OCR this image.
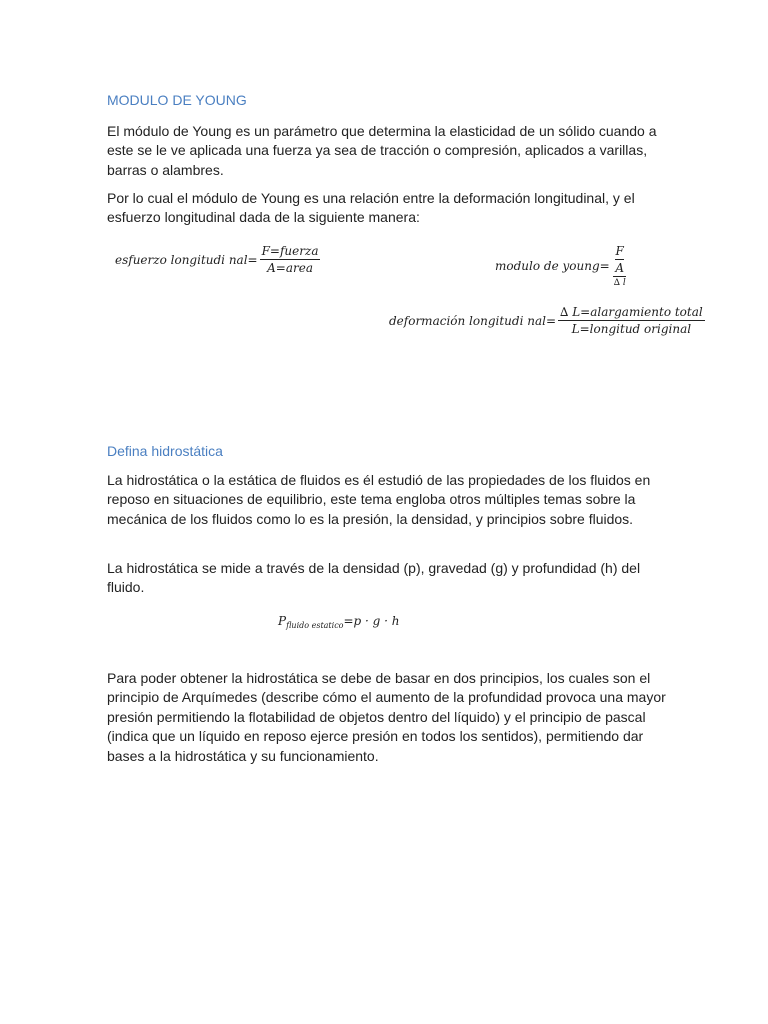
MODULO DE YOUNG

El módulo de Young es un parámetro que determina la elasticidad de un sólido cuando a este se le ve aplicada una fuerza ya sea de tracción o compresión, aplicados a varillas, barras o alambres.

Por lo cual el módulo de Young es una relación entre la deformación longitudinal, y el esfuerzo longitudinal dada de la siguiente manera:

esfuerzo longitudi $nal= \frac{\text{F=fuerza}}{\text{A=area}}$	modulo de young= $\frac{\frac{F}{A}}{\Delta l}$
deformación longitudi $nal= \frac{\text{∆ L=alargamiento total}}{\text{L=longitud original}}$
Defina hidrostática

La hidrostática o la estática de fluidos es él estudió de las propiedades de los fluidos en reposo en situaciones de equilibrio, este tema engloba otros múltiples temas sobre la mecánica de los fluidos como lo es la presión, la densidad, y principios sobre fluidos.

La hidrostática se mide a través de la densidad (p), gravedad (g) y profundidad (h) del fluido.

P fluido estatico =p · g · h

Para poder obtener la hidrostática se debe de basar en dos principios, los cuales son el principio de Arquímedes (describe cómo el aumento de la profundidad provoca una mayor presión permitiendo la flotabilidad de objetos dentro del líquido) y el principio de pascal (indica que un líquido en reposo ejerce presión en todos los sentidos), permitiendo dar bases a la hidrostática y su funcionamiento.
